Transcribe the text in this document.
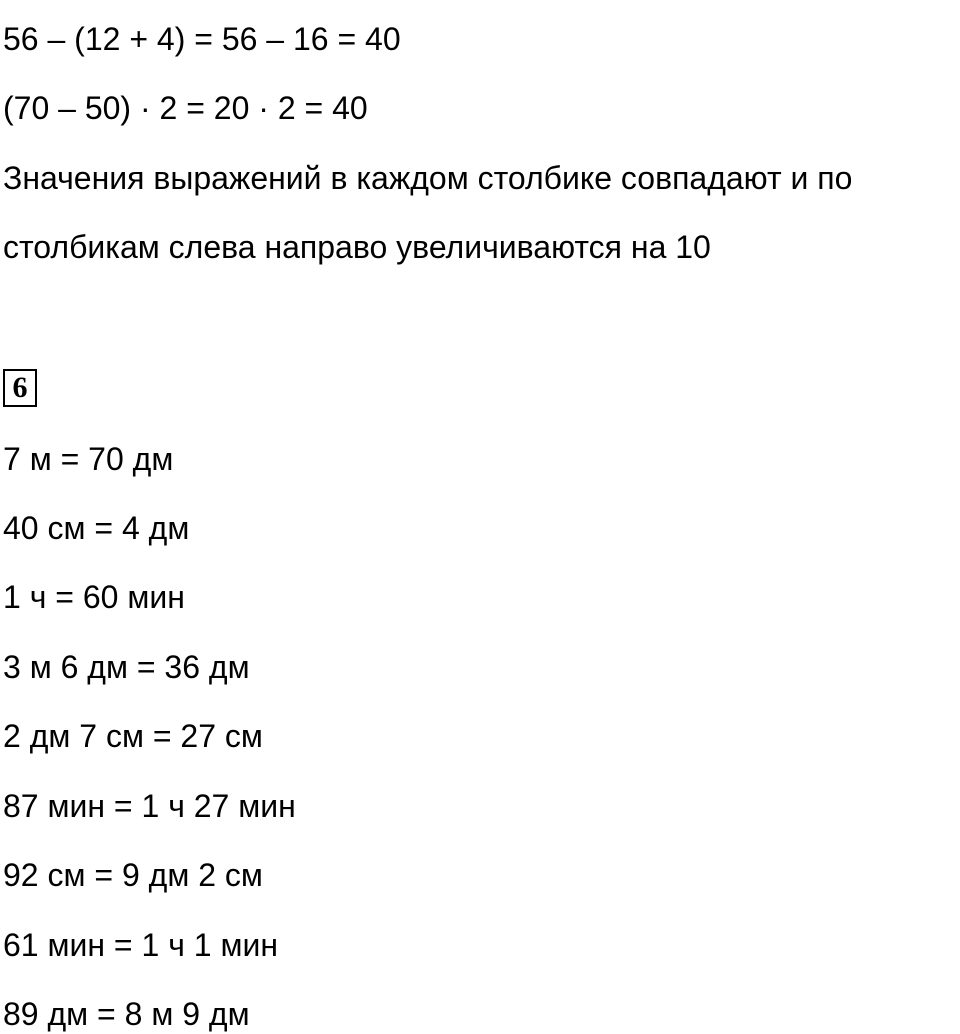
56 – (12 + 4) = 56 – 16 = 40
(70 – 50) · 2 = 20 · 2 = 40
Значения выражений в каждом столбике совпадают и по
столбикам слева направо увеличиваются на 10
6
7 м = 70 дм
40 см = 4 дм
1 ч = 60 мин
3 м 6 дм = 36 дм
2 дм 7 см = 27 см
87 мин = 1 ч 27 мин
92 см = 9 дм 2 см
61 мин = 1 ч 1 мин
89 дм = 8 м 9 дм
